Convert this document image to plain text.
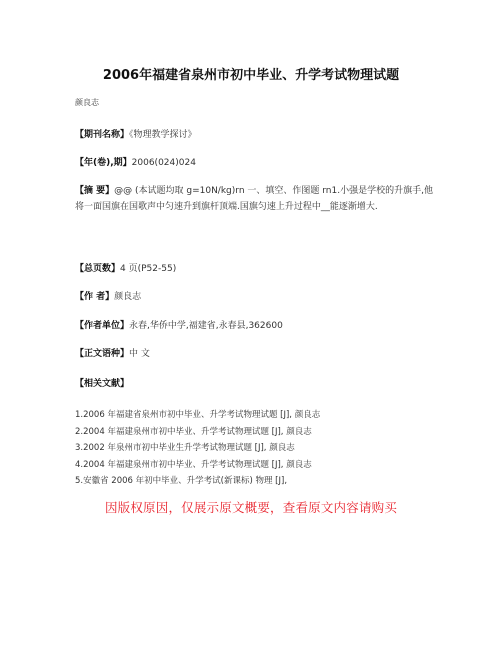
2006年福建省泉州市初中毕业、升学考试物理试题
颜良志
【期刊名称】《物理教学探讨》
【年(卷),期】2006(024)024
【摘 要】@@ (本试题均取 g=10N/kg)rn 一、填空、作图题 rn1.小强是学校的升旗手,他将一面国旗在国歌声中匀速升到旗杆顶端.国旗匀速上升过程中__能逐渐增大.
【总页数】4 页(P52-55)
【作 者】颜良志
【作者单位】永春,华侨中学,福建省,永春县,362600
【正文语种】中 文
【相关文献】
1.2006 年福建省泉州市初中毕业、升学考试物理试题 [J], 颜良志
2.2004 年福建泉州市初中毕业、升学考试物理试题 [J], 颜良志
3.2002 年泉州市初中毕业生升学考试物理试题 [J], 颜良志
4.2004 年福建泉州市初中毕业、升学考试物理试题 [J], 颜良志
5.安徽省 2006 年初中毕业、升学考试(新课标) 物理 [J],
因版权原因，仅展示原文概要，查看原文内容请购买
